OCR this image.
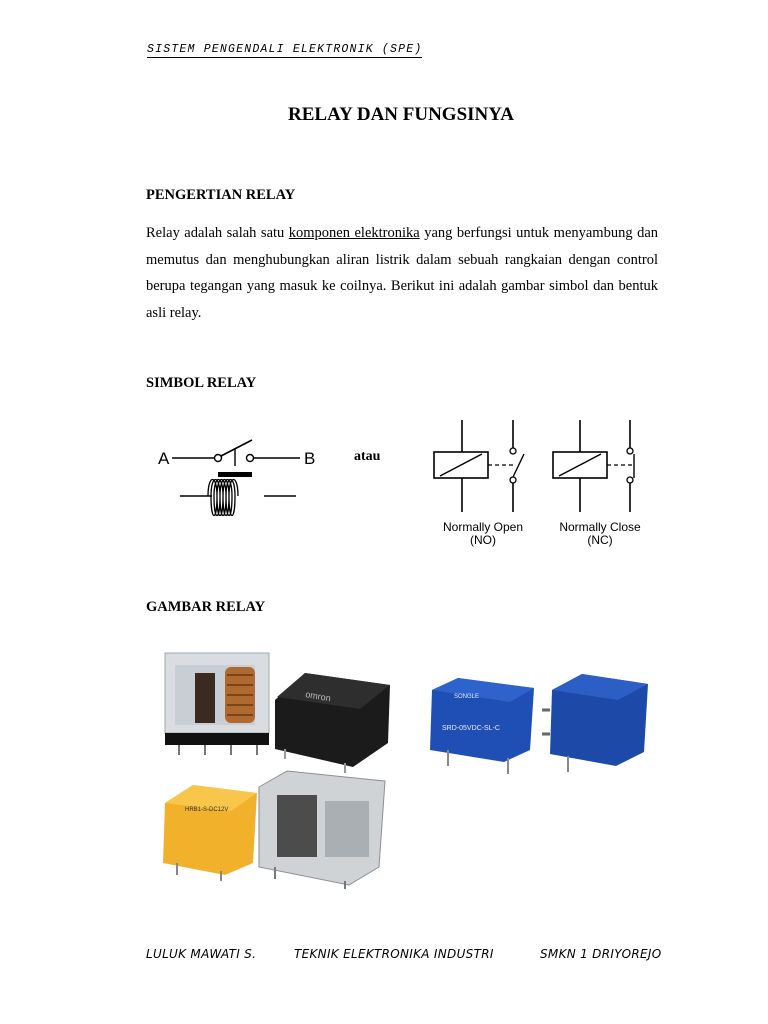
SISTEM PENGENDALI ELEKTRONIK (SPE)
RELAY DAN FUNGSINYA
PENGERTIAN RELAY
Relay adalah salah satu komponen elektronika yang berfungsi untuk menyambung dan memutus dan menghubungkan aliran listrik dalam sebuah rangkaian dengan control berupa tegangan yang masuk ke coilnya. Berikut ini adalah gambar simbol dan bentuk asli relay.
SIMBOL RELAY
A	B	atau
Normally Open
(NO)
Normally Close
(NC)
GAMBAR RELAY
omron
HRB1-S-DC12V
SONGLE
SRD-05VDC-SL-C
LULUK MAWATI S.	TEKNIK ELEKTRONIKA INDUSTRI	SMKN 1 DRIYOREJO
